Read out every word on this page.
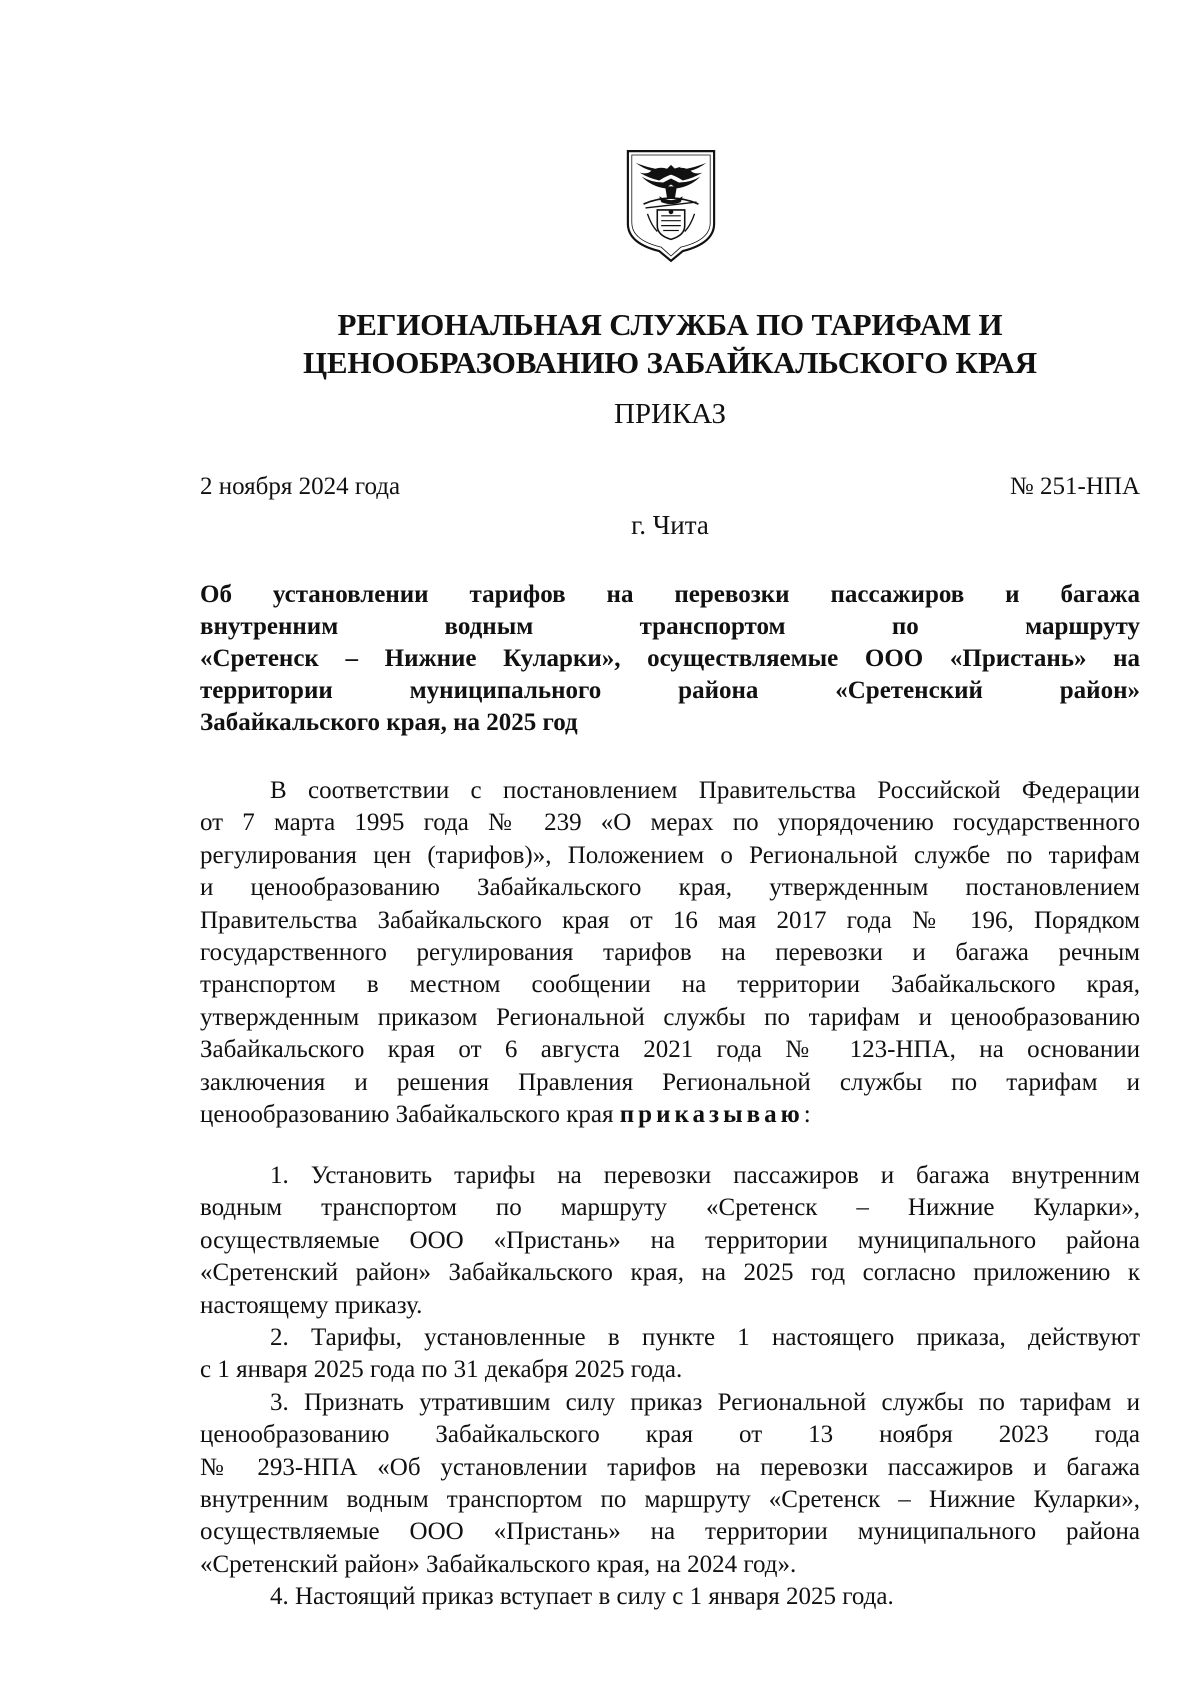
РЕГИОНАЛЬНАЯ СЛУЖБА ПО ТАРИФАМ И
ЦЕНООБРАЗОВАНИЮ ЗАБАЙКАЛЬСКОГО КРАЯ
ПРИКАЗ
2 ноября 2024 года	№ 251-НПА
г. Чита
Об установлении тарифов на перевозки пассажиров и багажа
внутренним водным транспортом по маршруту
«Сретенск – Нижние Куларки», осуществляемые ООО «Пристань» на
территории муниципального района «Сретенский район»
Забайкальского края, на 2025 год
В соответствии с постановлением Правительства Российской Федерации
от 7 марта 1995 года № 239 «О мерах по упорядочению государственного
регулирования цен (тарифов)», Положением о Региональной службе по тарифам
и ценообразованию Забайкальского края, утвержденным постановлением
Правительства Забайкальского края от 16 мая 2017 года № 196, Порядком
государственного регулирования тарифов на перевозки и багажа речным
транспортом в местном сообщении на территории Забайкальского края,
утвержденным приказом Региональной службы по тарифам и ценообразованию
Забайкальского края от 6 августа 2021 года № 123-НПА, на основании
заключения и решения Правления Региональной службы по тарифам и
ценообразованию Забайкальского края приказываю:
1. Установить тарифы на перевозки пассажиров и багажа внутренним
водным транспортом по маршруту «Сретенск – Нижние Куларки»,
осуществляемые ООО «Пристань» на территории муниципального района
«Сретенский район» Забайкальского края, на 2025 год согласно приложению к
настоящему приказу.
2. Тарифы, установленные в пункте 1 настоящего приказа, действуют
с 1 января 2025 года по 31 декабря 2025 года.
3. Признать утратившим силу приказ Региональной службы по тарифам и
ценообразованию Забайкальского края от 13 ноября 2023 года
№ 293-НПА «Об установлении тарифов на перевозки пассажиров и багажа
внутренним водным транспортом по маршруту «Сретенск – Нижние Куларки»,
осуществляемые ООО «Пристань» на территории муниципального района
«Сретенский район» Забайкальского края, на 2024 год».
4. Настоящий приказ вступает в силу с 1 января 2025 года.
